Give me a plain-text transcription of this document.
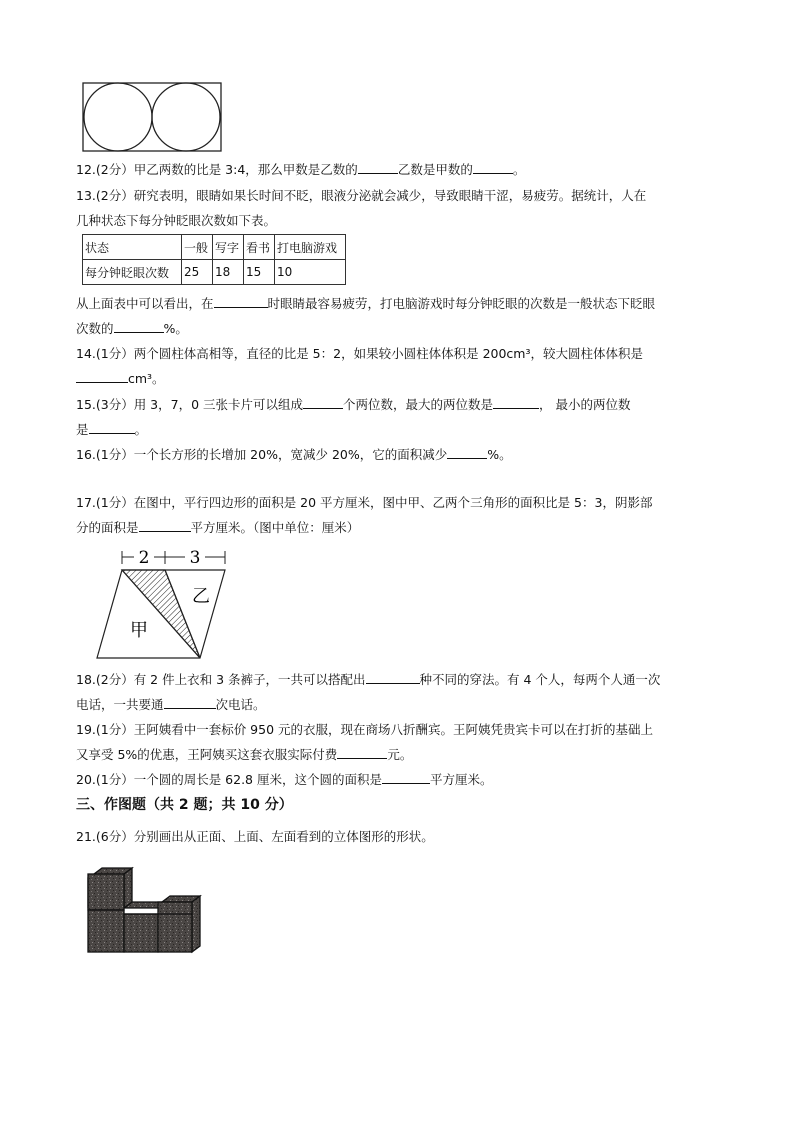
12.(2分）甲乙两数的比是 3:4，那么甲数是乙数的	乙数是甲数的	。
13.(2分）研究表明，眼睛如果长时间不眨，眼液分泌就会减少，导致眼睛干涩，易疲劳。据统计，人在
几种状态下每分钟眨眼次数如下表。
状态	一般	写字	看书	打电脑游戏
每分钟眨眼次数	25	18	15	10
从上面表中可以看出，在	时眼睛最容易疲劳，打电脑游戏时每分钟眨眼的次数是一般状态下眨眼
次数的	%。
14.(1分）两个圆柱体高相等，直径的比是 5：2，如果较小圆柱体体积是 200cm³，较大圆柱体体积是
cm³。
15.(3分）用 3，7，0 三张卡片可以组成	个两位数，最大的两位数是	， 最小的两位数
是	。
16.(1分）一个长方形的长增加 20%，宽减少 20%，它的面积减少	%。
17.(1分）在图中，平行四边形的面积是 20 平方厘米，图中甲、乙两个三角形的面积比是 5：3，阴影部
分的面积是	平方厘米。（图中单位：厘米）
2 3
甲
乙
18.(2分）有 2 件上衣和 3 条裤子，一共可以搭配出	种不同的穿法。有 4 个人，每两个人通一次
电话，一共要通	次电话。
19.(1分）王阿姨看中一套标价 950 元的衣服，现在商场八折酬宾。王阿姨凭贵宾卡可以在打折的基础上
又享受 5%的优惠，王阿姨买这套衣服实际付费	元。
20.(1分）一个圆的周长是 62.8 厘米，这个圆的面积是	平方厘米。
三、作图题（共 2 题；共 10 分）
21.(6分）分别画出从正面、上面、左面看到的立体图形的形状。
